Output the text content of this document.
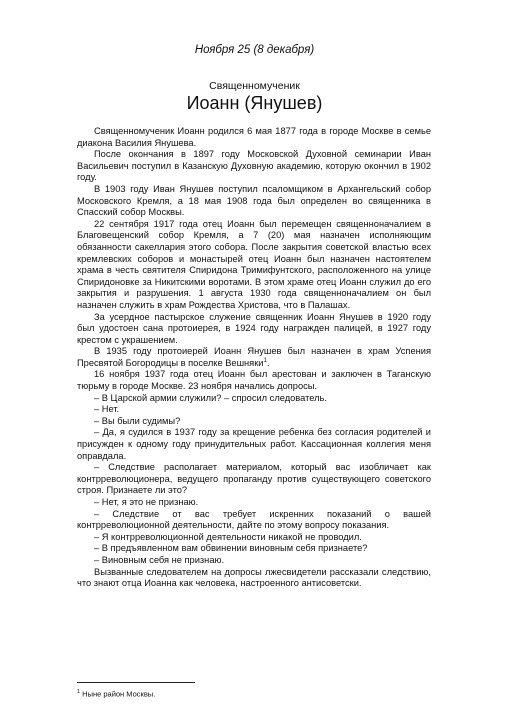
Ноября 25 (8 декабря)
Священномученик
Иоанн (Янушев)

Священномученик Иоанн родился 6 мая 1877 года в городе Москве в семье диакона Василия Янушева.

После окончания в 1897 году Московской Духовной семинарии Иван Васильевич поступил в Казанскую Духовную академию, которую окончил в 1902 году.

В 1903 году Иван Янушев поступил псаломщиком в Архангельский собор Московского Кремля, а 18 мая 1908 года был определен во священника в Спасский собор Москвы.

22 сентября 1917 года отец Иоанн был перемещен священноначалием в Благовещенский собор Кремля, а 7 (20) мая назначен исполняющим обязанности сакеллария этого собора. После закрытия советской властью всех кремлевских соборов и монастырей отец Иоанн был назначен настоятелем храма в честь святителя Спиридона Тримифунтского, расположенного на улице Спиридоновке за Никитскими воротами. В этом храме отец Иоанн служил до его закрытия и разрушения. 1 августа 1930 года священноначалием он был назначен служить в храм Рождества Христова, что в Палашах.

За усердное пастырское служение священник Иоанн Янушев в 1920 году был удостоен сана протоиерея, в 1924 году награжден палицей, в 1927 году крестом с украшением.

В 1935 году протоиерей Иоанн Янушев был назначен в храм Успения Пресвятой Богородицы в поселке Вешняки$^1$.

16 ноября 1937 года отец Иоанн был арестован и заключен в Таганскую тюрьму в городе Москве. 23 ноября начались допросы.

– В Царской армии служили? – спросил следователь.

– Нет.

– Вы были судимы?

– Да, я судился в 1937 году за крещение ребенка без согласия родителей и присужден к одному году принудительных работ. Кассационная коллегия меня оправдала.

– Следствие располагает материалом, который вас изобличает как контрреволюционера, ведущего пропаганду против существующего советского строя. Признаете ли это?

– Нет, я это не признаю.

– Следствие от вас требует искренних показаний о вашей контрреволюционной деятельности, дайте по этому вопросу показания.

– Я контрреволюционной деятельности никакой не проводил.

– В предъявленном вам обвинении виновным себя признаете?

– Виновным себя не признаю.

Вызванные следователем на допросы лжесвидетели рассказали следствию, что знают отца Иоанна как человека, настроенного антисоветски.

$^1$ Ныне район Москвы.
